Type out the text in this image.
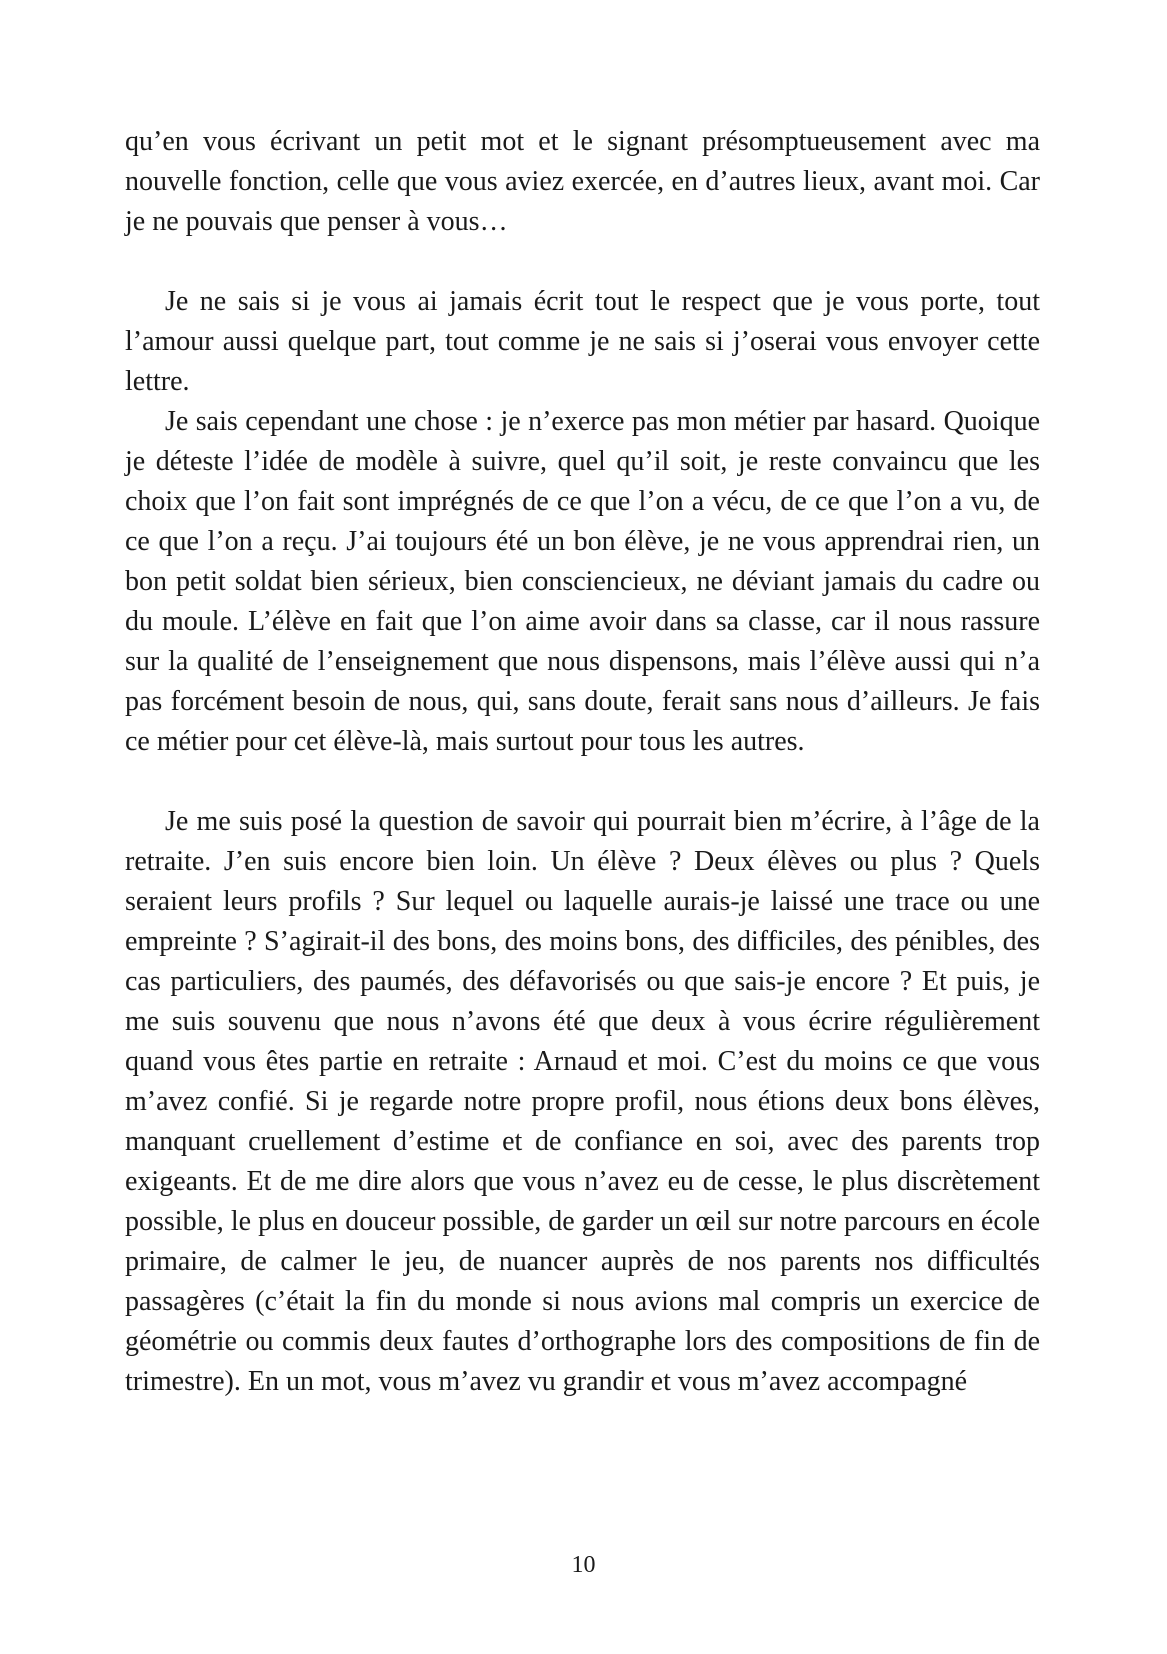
qu’en vous écrivant un petit mot et le signant présomptueusement avec ma nouvelle fonction, celle que vous aviez exercée, en d’autres lieux, avant moi. Car je ne pouvais que penser à vous…

Je ne sais si je vous ai jamais écrit tout le respect que je vous porte, tout l’amour aussi quelque part, tout comme je ne sais si j’oserai vous envoyer cette lettre.

Je sais cependant une chose : je n’exerce pas mon métier par hasard. Quoique je déteste l’idée de modèle à suivre, quel qu’il soit, je reste convaincu que les choix que l’on fait sont imprégnés de ce que l’on a vécu, de ce que l’on a vu, de ce que l’on a reçu. J’ai toujours été un bon élève, je ne vous apprendrai rien, un bon petit soldat bien sérieux, bien consciencieux, ne déviant jamais du cadre ou du moule. L’élève en fait que l’on aime avoir dans sa classe, car il nous rassure sur la qualité de l’enseignement que nous dispensons, mais l’élève aussi qui n’a pas forcément besoin de nous, qui, sans doute, ferait sans nous d’ailleurs. Je fais ce métier pour cet élève-là, mais surtout pour tous les autres.

Je me suis posé la question de savoir qui pourrait bien m’écrire, à l’âge de la retraite. J’en suis encore bien loin. Un élève ? Deux élèves ou plus ? Quels seraient leurs profils ? Sur lequel ou laquelle aurais-je laissé une trace ou une empreinte ? S’agirait-il des bons, des moins bons, des difficiles, des pénibles, des cas particuliers, des paumés, des défavorisés ou que sais-je encore ? Et puis, je me suis souvenu que nous n’avons été que deux à vous écrire régulièrement quand vous êtes partie en retraite : Arnaud et moi. C’est du moins ce que vous m’avez confié. Si je regarde notre propre profil, nous étions deux bons élèves, manquant cruellement d’estime et de confiance en soi, avec des parents trop exigeants. Et de me dire alors que vous n’avez eu de cesse, le plus discrètement possible, le plus en douceur possible, de garder un œil sur notre parcours en école primaire, de calmer le jeu, de nuancer auprès de nos parents nos difficultés passagères (c’était la fin du monde si nous avions mal compris un exercice de géométrie ou commis deux fautes d’orthographe lors des compositions de fin de trimestre). En un mot, vous m’avez vu grandir et vous m’avez accompagné

10
